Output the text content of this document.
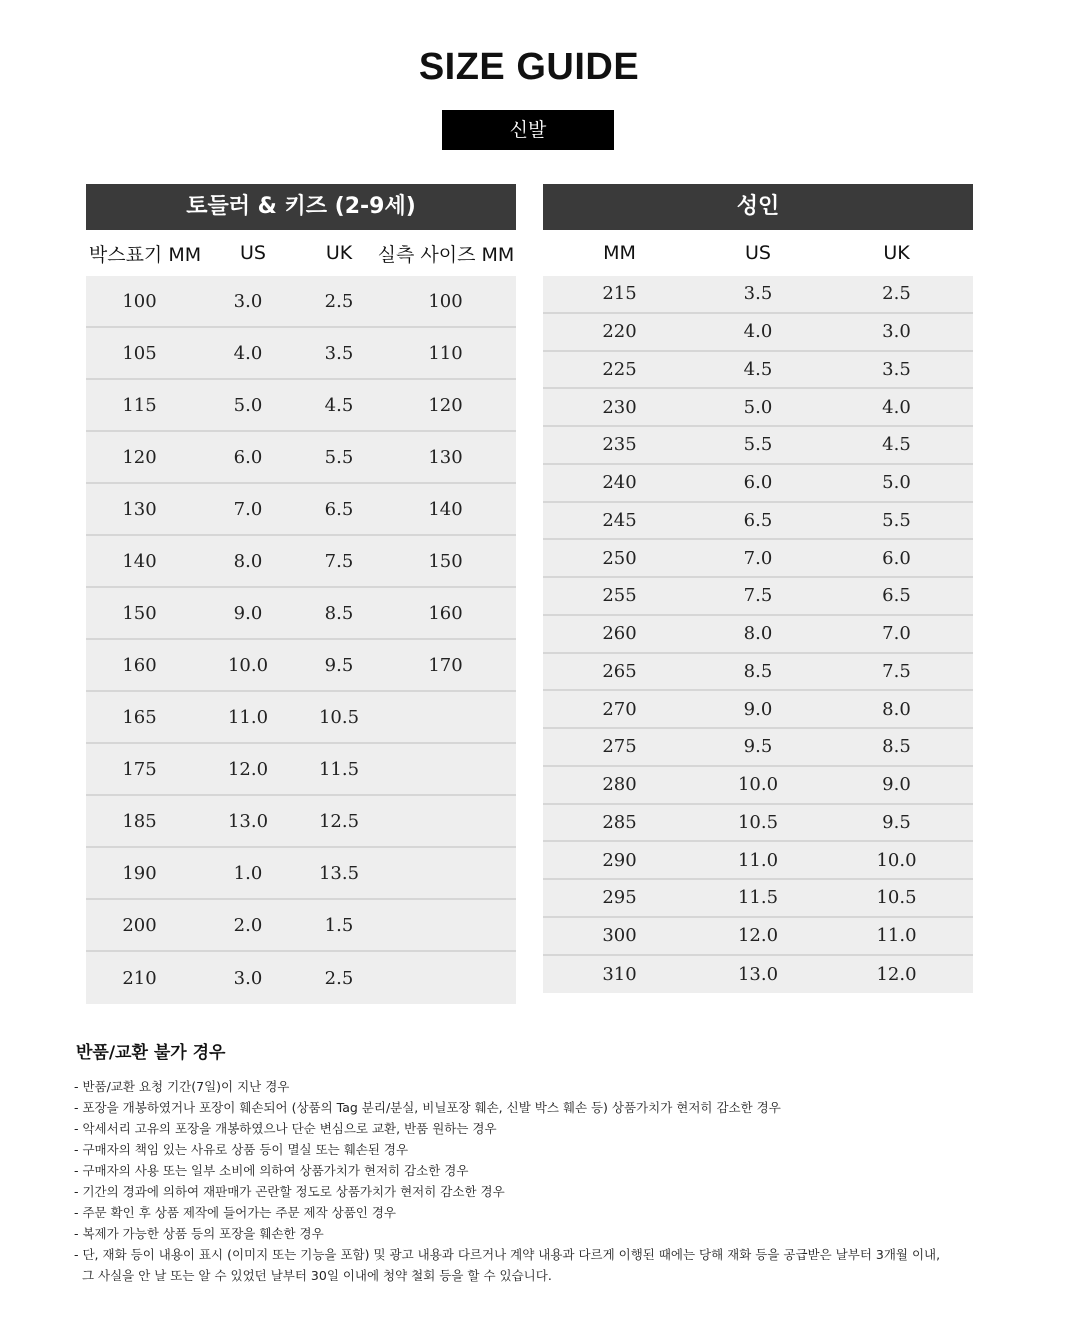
SIZE GUIDE
신발
토들러 & 키즈 (2-9세)
박스표기 MM	US	UK	실측 사이즈 MM
100	3.0	2.5	100
105	4.0	3.5	110
115	5.0	4.5	120
120	6.0	5.5	130
130	7.0	6.5	140
140	8.0	7.5	150
150	9.0	8.5	160
160	10.0	9.5	170
165	11.0	10.5
175	12.0	11.5
185	13.0	12.5
190	1.0	13.5
200	2.0	1.5
210	3.0	2.5
성인
MM	US	UK
215	3.5	2.5
220	4.0	3.0
225	4.5	3.5
230	5.0	4.0
235	5.5	4.5
240	6.0	5.0
245	6.5	5.5
250	7.0	6.0
255	7.5	6.5
260	8.0	7.0
265	8.5	7.5
270	9.0	8.0
275	9.5	8.5
280	10.0	9.0
285	10.5	9.5
290	11.0	10.0
295	11.5	10.5
300	12.0	11.0
310	13.0	12.0
반품/교환 불가 경우
- 반품/교환 요청 기간(7일)이 지난 경우
- 포장을 개봉하였거나 포장이 훼손되어 (상품의 Tag 분리/분실, 비닐포장 훼손, 신발 박스 훼손 등) 상품가치가 현저히 감소한 경우
- 악세서리 고유의 포장을 개봉하였으나 단순 변심으로 교환, 반품 원하는 경우
- 구매자의 책임 있는 사유로 상품 등이 멸실 또는 훼손된 경우
- 구매자의 사용 또는 일부 소비에 의하여 상품가치가 현저히 감소한 경우
- 기간의 경과에 의하여 재판매가 곤란할 정도로 상품가치가 현저히 감소한 경우
- 주문 확인 후 상품 제작에 들어가는 주문 제작 상품인 경우
- 복제가 가능한 상품 등의 포장을 훼손한 경우
- 단, 재화 등이 내용이 표시 (이미지 또는 기능을 포함) 및 광고 내용과 다르거나 계약 내용과 다르게 이행된 때에는 당해 재화 등을 공급받은 날부터 3개월 이내,
그 사실을 안 날 또는 알 수 있었던 날부터 30일 이내에 청약 철회 등을 할 수 있습니다.
